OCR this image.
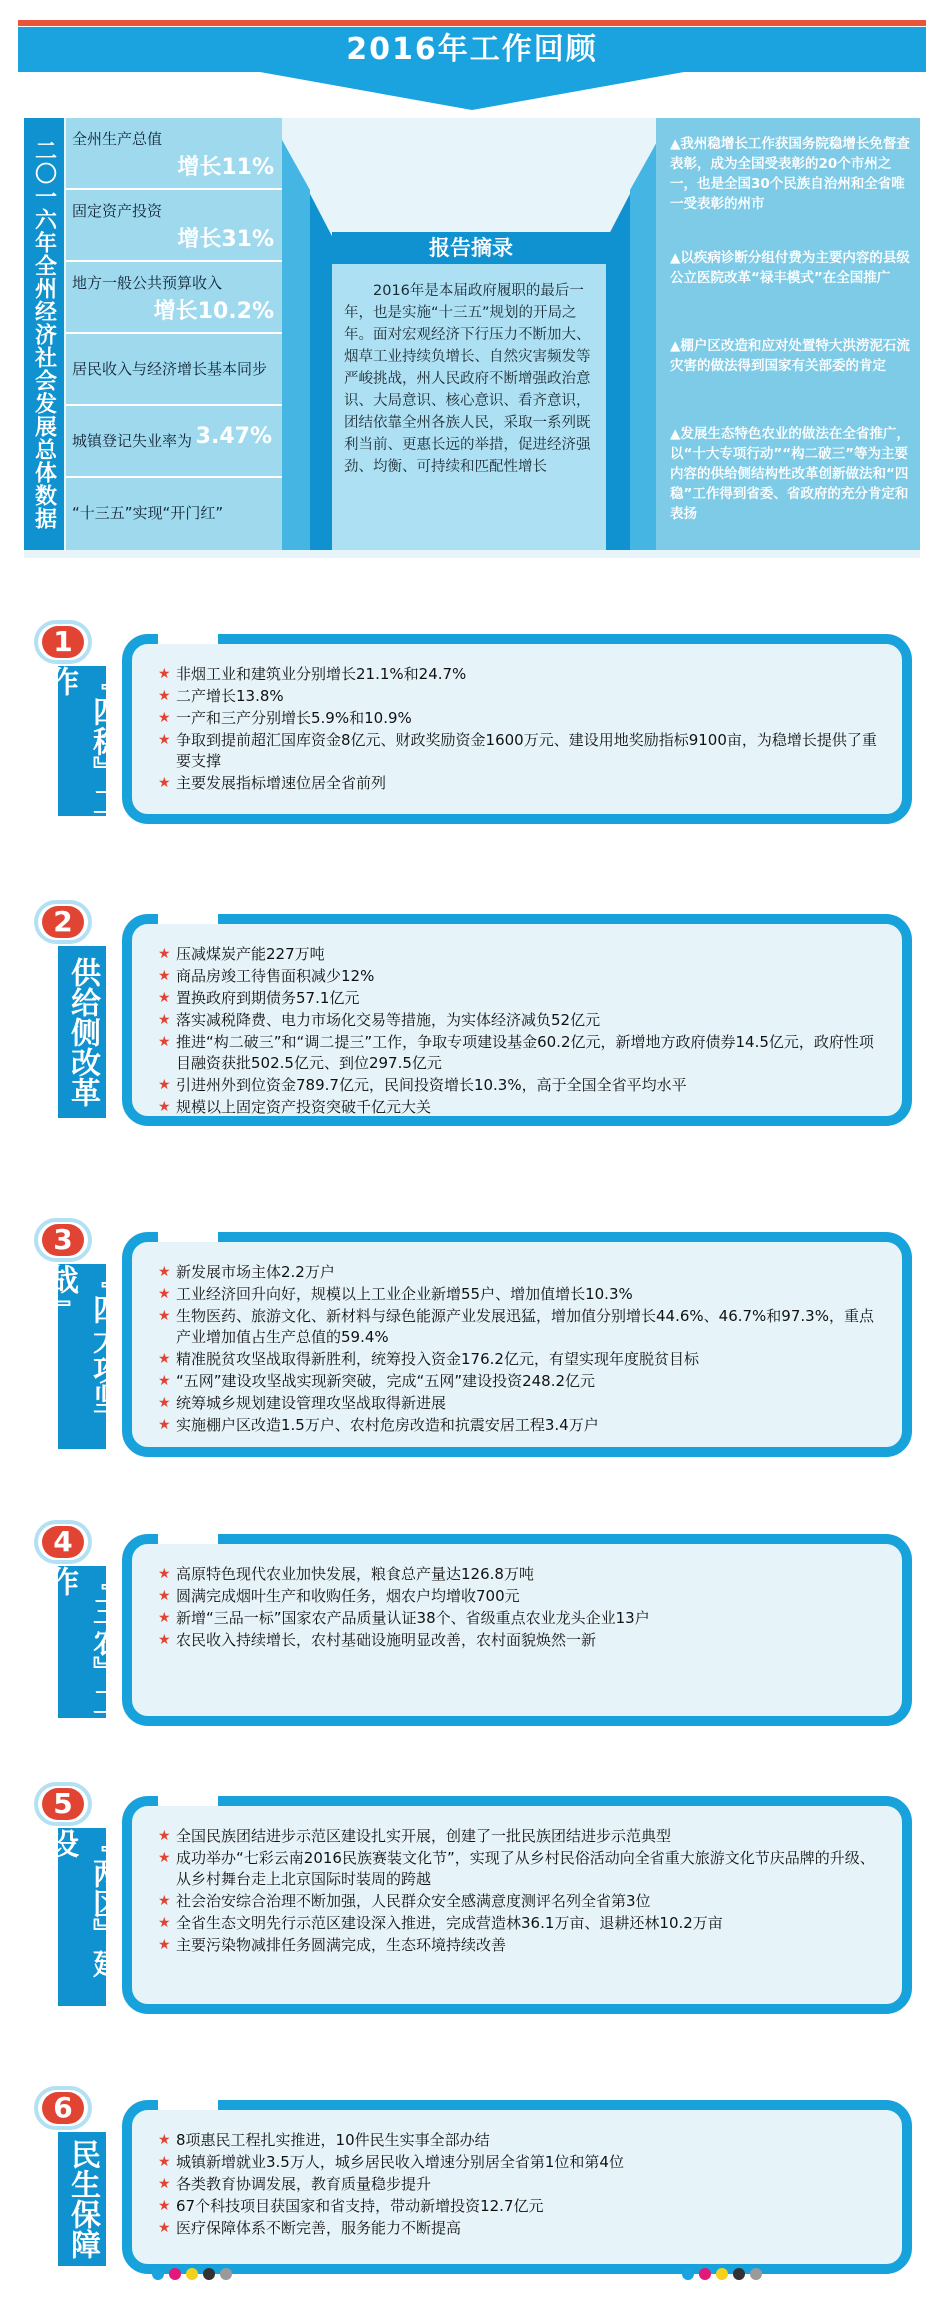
2016年工作回顾
二〇一六年全州经济社会发展总体数据	全州生产总值
增长11%
固定资产投资
增长31%
地方一般公共预算收入
增长10.2%
居民收入与经济增长基本同步
城镇登记失业率为 3.47%
“十三五”实现“开门红”
报告摘录
2016年是本届政府履职的最后一年，也是实施“十三五”规划的开局之年。面对宏观经济下行压力不断加大、烟草工业持续负增长、自然灾害频发等严峻挑战，州人民政府不断增强政治意识、大局意识、核心意识、看齐意识，团结依靠全州各族人民，采取一系列既利当前、更惠长远的举措，促进经济强劲、均衡、可持续和匹配性增长
▲我州稳增长工作获国务院稳增长免督查表彰，成为全国受表彰的20个市州之一，也是全国30个民族自治州和全省唯一受表彰的州市
▲以疾病诊断分组付费为主要内容的县级公立医院改革“禄丰模式”在全国推广
▲棚户区改造和应对处置特大洪涝泥石流灾害的做法得到国家有关部委的肯定
▲发展生态特色农业的做法在全省推广，以“十大专项行动”“构二破三”等为主要内容的供给侧结构性改革创新做法和“四稳”工作得到省委、省政府的充分肯定和表扬
1
『四稳』工作	★ 非烟工业和建筑业分别增长21.1%和24.7%
★ 二产增长13.8%
★ 一产和三产分别增长5.9%和10.9%
★ 争取到提前超汇国库资金8亿元、财政奖励资金1600万元、建设用地奖励指标9100亩，为稳增长提供了重要支撑
★ 主要发展指标增速位居全省前列
2
供给侧改革
★ 压减煤炭产能227万吨
★ 商品房竣工待售面积减少12%
★ 置换政府到期债务57.1亿元
★ 落实减税降费、电力市场化交易等措施，为实体经济减负52亿元
★ 推进“构二破三”和“调二提三”工作，争取专项建设基金60.2亿元，新增地方政府债券14.5亿元，政府性项目融资获批502.5亿元、到位297.5亿元
★ 引进州外到位资金789.7亿元，民间投资增长10.3%，高于全国全省平均水平
★ 规模以上固定资产投资突破千亿元大关
3
『四大攻坚战』	★ 新发展市场主体2.2万户
★ 工业经济回升向好，规模以上工业企业新增55户、增加值增长10.3%
★ 生物医药、旅游文化、新材料与绿色能源产业发展迅猛，增加值分别增长44.6%、46.7%和97.3%，重点产业增加值占生产总值的59.4%
★ 精准脱贫攻坚战取得新胜利，统筹投入资金176.2亿元，有望实现年度脱贫目标
★ “五网”建设攻坚战实现新突破，完成“五网”建设投资248.2亿元
★ 统筹城乡规划建设管理攻坚战取得新进展
★ 实施棚户区改造1.5万户、农村危房改造和抗震安居工程3.4万户
4
『三农』工作	★ 高原特色现代农业加快发展，粮食总产量达126.8万吨
★ 圆满完成烟叶生产和收购任务，烟农户均增收700元
★ 新增“三品一标”国家农产品质量认证38个、省级重点农业龙头企业13户
★ 农民收入持续增长，农村基础设施明显改善，农村面貌焕然一新
5
『两区』建设	★ 全国民族团结进步示范区建设扎实开展，创建了一批民族团结进步示范典型
★ 成功举办“七彩云南2016民族赛装文化节”，实现了从乡村民俗活动向全省重大旅游文化节庆品牌的升级、从乡村舞台走上北京国际时装周的跨越
★ 社会治安综合治理不断加强，人民群众安全感满意度测评名列全省第3位
★ 全省生态文明先行示范区建设深入推进，完成营造林36.1万亩、退耕还林10.2万亩
★ 主要污染物减排任务圆满完成，生态环境持续改善
6
民生保障	★ 8项惠民工程扎实推进，10件民生实事全部办结
★ 城镇新增就业3.5万人，城乡居民收入增速分别居全省第1位和第4位
★ 各类教育协调发展，教育质量稳步提升
★ 67个科技项目获国家和省支持，带动新增投资12.7亿元
★ 医疗保障体系不断完善，服务能力不断提高
